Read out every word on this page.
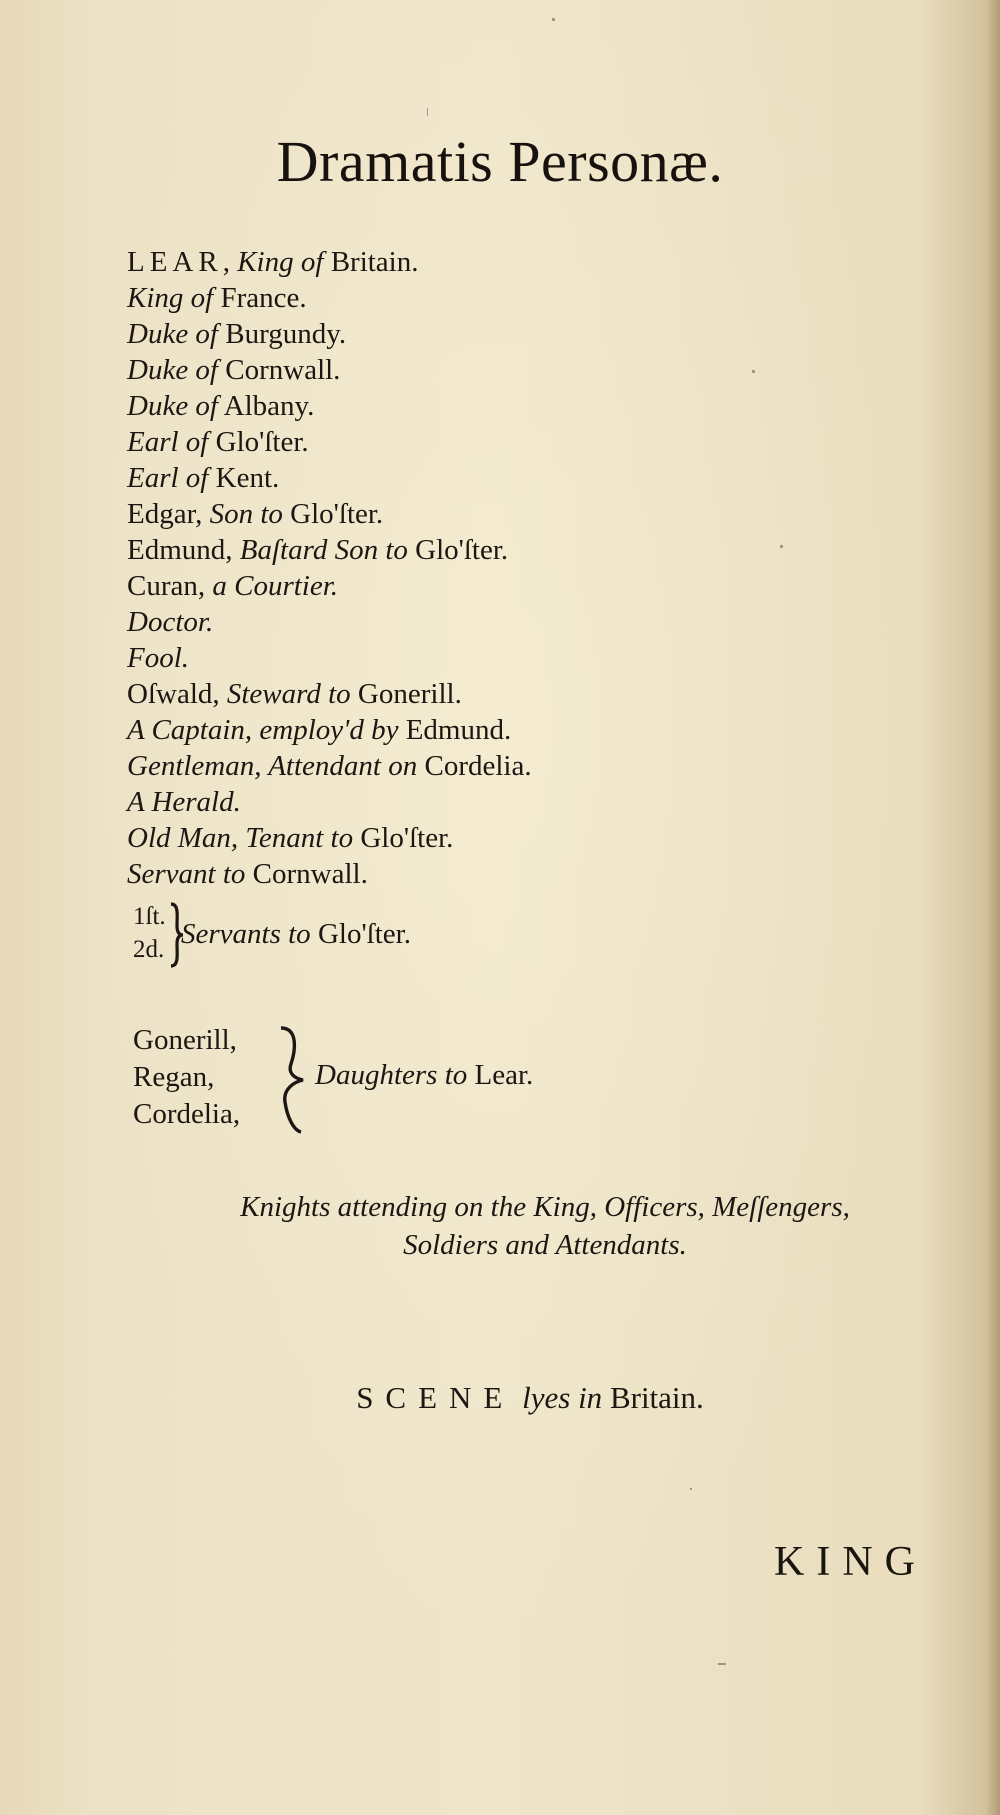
Dramatis Personæ.
LEAR, King of Britain.
King of France.
Duke of Burgundy.
Duke of Cornwall.
Duke of Albany.
Earl of Glo'ſter.
Earl of Kent.
Edgar, Son to Glo'ſter.
Edmund, Baſtard Son to Glo'ſter.
Curan, a Courtier.
Doctor.
Fool.
Oſwald, Steward to Gonerill.
A Captain, employ'd by Edmund.
Gentleman, Attendant on Cordelia.
A Herald.
Old Man, Tenant to Glo'ſter.
Servant to Cornwall.
1ſt.
2d. Servants to Glo'ſter.
Gonerill,
Regan,
Cordelia,
Daughters to Lear.
Knights attending on the King, Officers, Meſſengers,
Soldiers and Attendants.
SCENE lyes in Britain.
KING
